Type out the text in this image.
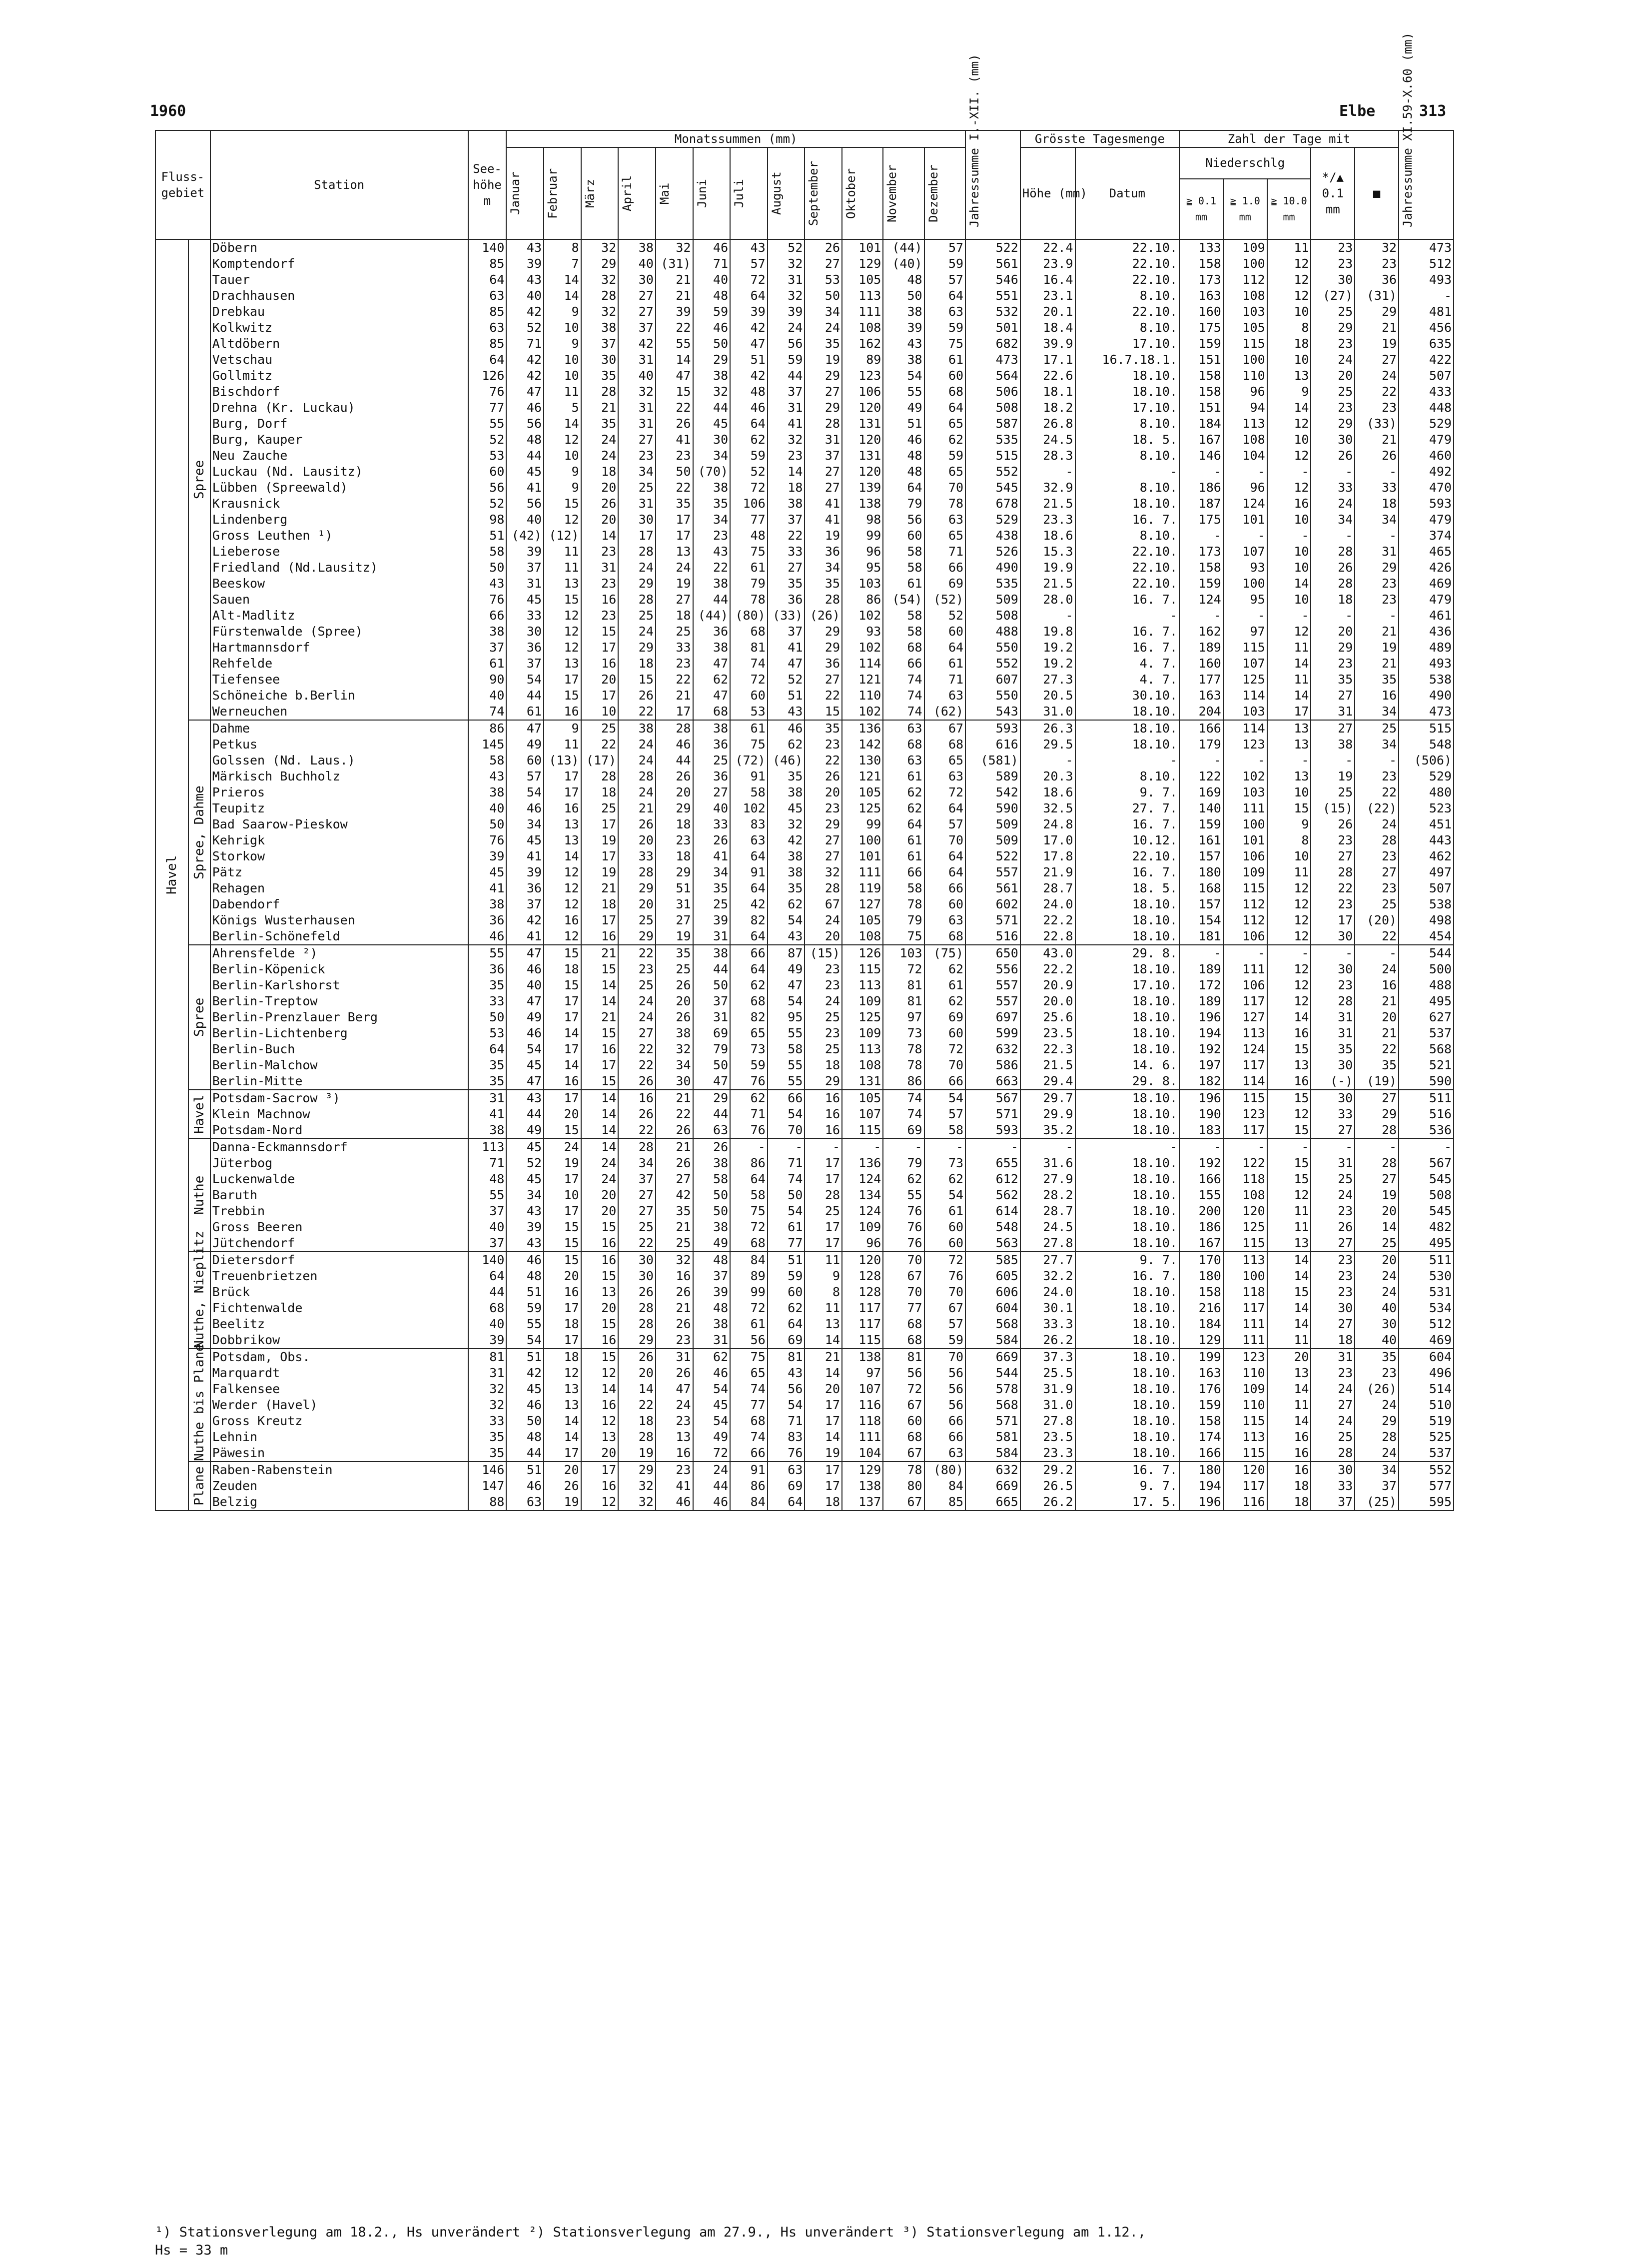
1960	Elbe	313
Fluss-
gebiet		Station	See-
höhe
m	Monatssummen (mm)												Jahressumme I.-XII. (mm)	Grösste Tagesmenge		Zahl der Tage mit					Jahressumme XI.59-X.60 (mm)

				Januar	Februar	März	April	Mai	Juni	Juli	August	September	Oktober	November	Dezember		Höhe (mm)	Datum	Niederschlg			*/▲ 0.1 mm	■	
																			≧ 0.1 mm	≧ 1.0 mm	≧ 10.0 mm			
Havel	Spree	Döbern	140	43	8	32	38	32	46	43	52	26	101	(44)	57	522	22.4	22.10.	133	109	11	23	32	473
		Komptendorf	85	39	7	29	40	(31)	71	57	32	27	129	(40)	59	561	23.9	22.10.	158	100	12	23	23	512
		Tauer	64	43	14	32	30	21	40	72	31	53	105	48	57	546	16.4	22.10.	173	112	12	30	36	493
		Drachhausen	63	40	14	28	27	21	48	64	32	50	113	50	64	551	23.1	8.10.	163	108	12	(27)	(31)	-
		Drebkau	85	42	9	32	27	39	59	39	39	34	111	38	63	532	20.1	22.10.	160	103	10	25	29	481
		Kolkwitz	63	52	10	38	37	22	46	42	24	24	108	39	59	501	18.4	8.10.	175	105	8	29	21	456
		Altdöbern	85	71	9	37	42	55	50	47	56	35	162	43	75	682	39.9	17.10.	159	115	18	23	19	635
		Vetschau	64	42	10	30	31	14	29	51	59	19	89	38	61	473	17.1	16.7.18.1.	151	100	10	24	27	422
		Gollmitz	126	42	10	35	40	47	38	42	44	29	123	54	60	564	22.6	18.10.	158	110	13	20	24	507
		Bischdorf	76	47	11	28	32	15	32	48	37	27	106	55	68	506	18.1	18.10.	158	96	9	25	22	433
		Drehna (Kr. Luckau)	77	46	5	21	31	22	44	46	31	29	120	49	64	508	18.2	17.10.	151	94	14	23	23	448
		Burg, Dorf	55	56	14	35	31	26	45	64	41	28	131	51	65	587	26.8	8.10.	184	113	12	29	(33)	529
		Burg, Kauper	52	48	12	24	27	41	30	62	32	31	120	46	62	535	24.5	18. 5.	167	108	10	30	21	479
		Neu Zauche	53	44	10	24	23	23	34	59	23	37	131	48	59	515	28.3	8.10.	146	104	12	26	26	460
		Luckau (Nd. Lausitz)	60	45	9	18	34	50	(70)	52	14	27	120	48	65	552	-	-	-	-	-	-	-	492
		Lübben (Spreewald)	56	41	9	20	25	22	38	72	18	27	139	64	70	545	32.9	8.10.	186	96	12	33	33	470
		Krausnick	52	56	15	26	31	35	35	106	38	41	138	79	78	678	21.5	18.10.	187	124	16	24	18	593
		Lindenberg	98	40	12	20	30	17	34	77	37	41	98	56	63	529	23.3	16. 7.	175	101	10	34	34	479
		Gross Leuthen ¹)	51	(42)	(12)	14	17	17	23	48	22	19	99	60	65	438	18.6	8.10.	-	-	-	-	-	374
		Lieberose	58	39	11	23	28	13	43	75	33	36	96	58	71	526	15.3	22.10.	173	107	10	28	31	465
		Friedland (Nd.Lausitz)	50	37	11	31	24	24	22	61	27	34	95	58	66	490	19.9	22.10.	158	93	10	26	29	426
		Beeskow	43	31	13	23	29	19	38	79	35	35	103	61	69	535	21.5	22.10.	159	100	14	28	23	469
		Sauen	76	45	15	16	28	27	44	78	36	28	86	(54)	(52)	509	28.0	16. 7.	124	95	10	18	23	479
		Alt-Madlitz	66	33	12	23	25	18	(44)	(80)	(33)	(26)	102	58	52	508	-	-	-	-	-	-	-	461
		Fürstenwalde (Spree)	38	30	12	15	24	25	36	68	37	29	93	58	60	488	19.8	16. 7.	162	97	12	20	21	436
		Hartmannsdorf	37	36	12	17	29	33	38	81	41	29	102	68	64	550	19.2	16. 7.	189	115	11	29	19	489
		Rehfelde	61	37	13	16	18	23	47	74	47	36	114	66	61	552	19.2	4. 7.	160	107	14	23	21	493
		Tiefensee	90	54	17	20	15	22	62	72	52	27	121	74	71	607	27.3	4. 7.	177	125	11	35	35	538
		Schöneiche b.Berlin	40	44	15	17	26	21	47	60	51	22	110	74	63	550	20.5	30.10.	163	114	14	27	16	490
		Werneuchen	74	61	16	10	22	17	68	53	43	15	102	74	(62)	543	31.0	18.10.	204	103	17	31	34	473
	Spree, Dahme	Dahme	86	47	9	25	38	28	38	61	46	35	136	63	67	593	26.3	18.10.	166	114	13	27	25	515
		Petkus	145	49	11	22	24	46	36	75	62	23	142	68	68	616	29.5	18.10.	179	123	13	38	34	548
		Golssen (Nd. Laus.)	58	60	(13)	(17)	24	44	25	(72)	(46)	22	130	63	65	(581)	-	-	-	-	-	-	-	(506)
		Märkisch Buchholz	43	57	17	28	28	26	36	91	35	26	121	61	63	589	20.3	8.10.	122	102	13	19	23	529
		Prieros	38	54	17	18	24	20	27	58	38	20	105	62	72	542	18.6	9. 7.	169	103	10	25	22	480
		Teupitz	40	46	16	25	21	29	40	102	45	23	125	62	64	590	32.5	27. 7.	140	111	15	(15)	(22)	523
		Bad Saarow-Pieskow	50	34	13	17	26	18	33	83	32	29	99	64	57	509	24.8	16. 7.	159	100	9	26	24	451
		Kehrigk	76	45	13	19	20	23	26	63	42	27	100	61	70	509	17.0	10.12.	161	101	8	23	28	443
		Storkow	39	41	14	17	33	18	41	64	38	27	101	61	64	522	17.8	22.10.	157	106	10	27	23	462
		Pätz	45	39	12	19	28	29	34	91	38	32	111	66	64	557	21.9	16. 7.	180	109	11	28	27	497
		Rehagen	41	36	12	21	29	51	35	64	35	28	119	58	66	561	28.7	18. 5.	168	115	12	22	23	507
		Dabendorf	38	37	12	18	20	31	25	42	62	67	127	78	60	602	24.0	18.10.	157	112	12	23	25	538
		Königs Wusterhausen	36	42	16	17	25	27	39	82	54	24	105	79	63	571	22.2	18.10.	154	112	12	17	(20)	498
		Berlin-Schönefeld	46	41	12	16	29	19	31	64	43	20	108	75	68	516	22.8	18.10.	181	106	12	30	22	454
	Spree	Ahrensfelde ²)	55	47	15	21	22	35	38	66	87	(15)	126	103	(75)	650	43.0	29. 8.	-	-	-	-	-	544
		Berlin-Köpenick	36	46	18	15	23	25	44	64	49	23	115	72	62	556	22.2	18.10.	189	111	12	30	24	500
		Berlin-Karlshorst	35	40	15	14	25	26	50	62	47	23	113	81	61	557	20.9	17.10.	172	106	12	23	16	488
		Berlin-Treptow	33	47	17	14	24	20	37	68	54	24	109	81	62	557	20.0	18.10.	189	117	12	28	21	495
		Berlin-Prenzlauer Berg	50	49	17	21	24	26	31	82	95	25	125	97	69	697	25.6	18.10.	196	127	14	31	20	627
		Berlin-Lichtenberg	53	46	14	15	27	38	69	65	55	23	109	73	60	599	23.5	18.10.	194	113	16	31	21	537
		Berlin-Buch	64	54	17	16	22	32	79	73	58	25	113	78	72	632	22.3	18.10.	192	124	15	35	22	568
		Berlin-Malchow	35	45	14	17	22	34	50	59	55	18	108	78	70	586	21.5	14. 6.	197	117	13	30	35	521
		Berlin-Mitte	35	47	16	15	26	30	47	76	55	29	131	86	66	663	29.4	29. 8.	182	114	16	(-)	(19)	590
	Havel	Potsdam-Sacrow ³)	31	43	17	14	16	21	29	62	66	16	105	74	54	567	29.7	18.10.	196	115	15	30	27	511
		Klein Machnow	41	44	20	14	26	22	44	71	54	16	107	74	57	571	29.9	18.10.	190	123	12	33	29	516
		Potsdam-Nord	38	49	15	14	22	26	63	76	70	16	115	69	58	593	35.2	18.10.	183	117	15	27	28	536
	Nuthe	Danna-Eckmannsdorf	113	45	24	14	28	21	26	-	-	-	-	-	-	-	-	-	-	-	-	-	-	-
		Jüterbog	71	52	19	24	34	26	38	86	71	17	136	79	73	655	31.6	18.10.	192	122	15	31	28	567
		Luckenwalde	48	45	17	24	37	27	58	64	74	17	124	62	62	612	27.9	18.10.	166	118	15	25	27	545
		Baruth	55	34	10	20	27	42	50	58	50	28	134	55	54	562	28.2	18.10.	155	108	12	24	19	508
		Trebbin	37	43	17	20	27	35	50	75	54	25	124	76	61	614	28.7	18.10.	200	120	11	23	20	545
		Gross Beeren	40	39	15	15	25	21	38	72	61	17	109	76	60	548	24.5	18.10.	186	125	11	26	14	482
		Jütchendorf	37	43	15	16	22	25	49	68	77	17	96	76	60	563	27.8	18.10.	167	115	13	27	25	495
	Nuthe, Nieplitz	Dietersdorf	140	46	15	16	30	32	48	84	51	11	120	70	72	585	27.7	9. 7.	170	113	14	23	20	511
		Treuenbrietzen	64	48	20	15	30	16	37	89	59	9	128	67	76	605	32.2	16. 7.	180	100	14	23	24	530
		Brück	44	51	16	13	26	26	39	99	60	8	128	70	70	606	24.0	18.10.	158	118	15	23	24	531
		Fichtenwalde	68	59	17	20	28	21	48	72	62	11	117	77	67	604	30.1	18.10.	216	117	14	30	40	534
		Beelitz	40	55	18	15	28	26	38	61	64	13	117	68	57	568	33.3	18.10.	184	111	14	27	30	512
		Dobbrikow	39	54	17	16	29	23	31	56	69	14	115	68	59	584	26.2	18.10.	129	111	11	18	40	469
	Nuthe bis Plane	Potsdam, Obs.	81	51	18	15	26	31	62	75	81	21	138	81	70	669	37.3	18.10.	199	123	20	31	35	604
		Marquardt	31	42	12	12	20	26	46	65	43	14	97	56	56	544	25.5	18.10.	163	110	13	23	23	496
		Falkensee	32	45	13	14	14	47	54	74	56	20	107	72	56	578	31.9	18.10.	176	109	14	24	(26)	514
		Werder (Havel)	32	46	13	16	22	24	45	77	54	17	116	67	56	568	31.0	18.10.	159	110	11	27	24	510
		Gross Kreutz	33	50	14	12	18	23	54	68	71	17	118	60	66	571	27.8	18.10.	158	115	14	24	29	519
		Lehnin	35	48	14	13	28	13	49	74	83	14	111	68	66	581	23.5	18.10.	174	113	16	25	28	525
		Päwesin	35	44	17	20	19	16	72	66	76	19	104	67	63	584	23.3	18.10.	166	115	16	28	24	537
	Plane	Raben-Rabenstein	146	51	20	17	29	23	24	91	63	17	129	78	(80)	632	29.2	16. 7.	180	120	16	30	34	552
		Zeuden	147	46	26	16	32	41	44	86	69	17	138	80	84	669	26.5	9. 7.	194	117	18	33	37	577
		Belzig	88	63	19	12	32	46	46	84	64	18	137	67	85	665	26.2	17. 5.	196	116	18	37	(25)	595
¹) Stationsverlegung am 18.2., Hs unverändert ²) Stationsverlegung am 27.9., Hs unverändert ³) Stationsverlegung am 1.12.,
Hs = 33 m
